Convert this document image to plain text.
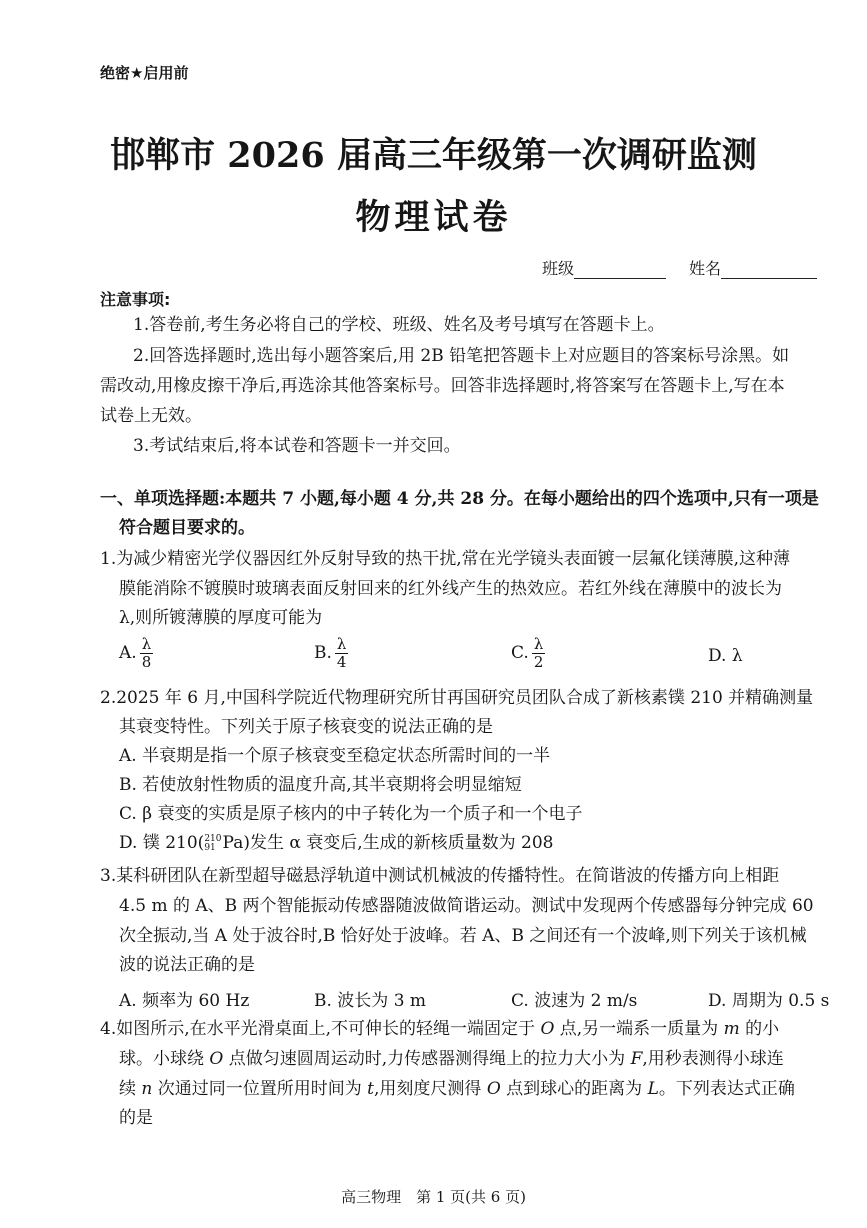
绝密★启用前
邯郸市 2026 届高三年级第一次调研监测
物理试卷
班级	姓名
注意事项:
1.答卷前,考生务必将自己的学校、班级、姓名及考号填写在答题卡上。
2.回答选择题时,选出每小题答案后,用 2B 铅笔把答题卡上对应题目的答案标号涂黑。如
需改动,用橡皮擦干净后,再选涂其他答案标号。回答非选择题时,将答案写在答题卡上,写在本
试卷上无效。
3.考试结束后,将本试卷和答题卡一并交回。
一、单项选择题:本题共 7 小题,每小题 4 分,共 28 分。在每小题给出的四个选项中,只有一项是
符合题目要求的。
1.为减少精密光学仪器因红外反射导致的热干扰,常在光学镜头表面镀一层氟化镁薄膜,这种薄
膜能消除不镀膜时玻璃表面反射回来的红外线产生的热效应。若红外线在薄膜中的波长为
λ,则所镀薄膜的厚度可能为
A. $\frac{\lambda}{8}$	B. $\frac{\lambda}{4}$	C. $\frac{\lambda}{2}$	D. λ
2.2025 年 6 月,中国科学院近代物理研究所甘再国研究员团队合成了新核素镤 210 并精确测量
其衰变特性。下列关于原子核衰变的说法正确的是
A. 半衰期是指一个原子核衰变至稳定状态所需时间的一半
B. 若使放射性物质的温度升高,其半衰期将会明显缩短
C. β 衰变的实质是原子核内的中子转化为一个质子和一个电子
D. 镤 210( 210
91 Pa)发生 α 衰变后,生成的新核质量数为 208
3.某科研团队在新型超导磁悬浮轨道中测试机械波的传播特性。在简谐波的传播方向上相距
4.5 m 的 A、B 两个智能振动传感器随波做简谐运动。测试中发现两个传感器每分钟完成 60
次全振动,当 A 处于波谷时,B 恰好处于波峰。若 A、B 之间还有一个波峰,则下列关于该机械
波的说法正确的是
A. 频率为 60 Hz	B. 波长为 3 m	C. 波速为 2 m/s	D. 周期为 0.5 s
4.如图所示,在水平光滑桌面上,不可伸长的轻绳一端固定于 O 点,另一端系一质量为 m 的小
球。小球绕 O 点做匀速圆周运动时,力传感器测得绳上的拉力大小为 F,用秒表测得小球连
续 n 次通过同一位置所用时间为 t,用刻度尺测得 O 点到球心的距离为 L。下列表达式正确
的是
高三物理　第 1 页(共 6 页)
